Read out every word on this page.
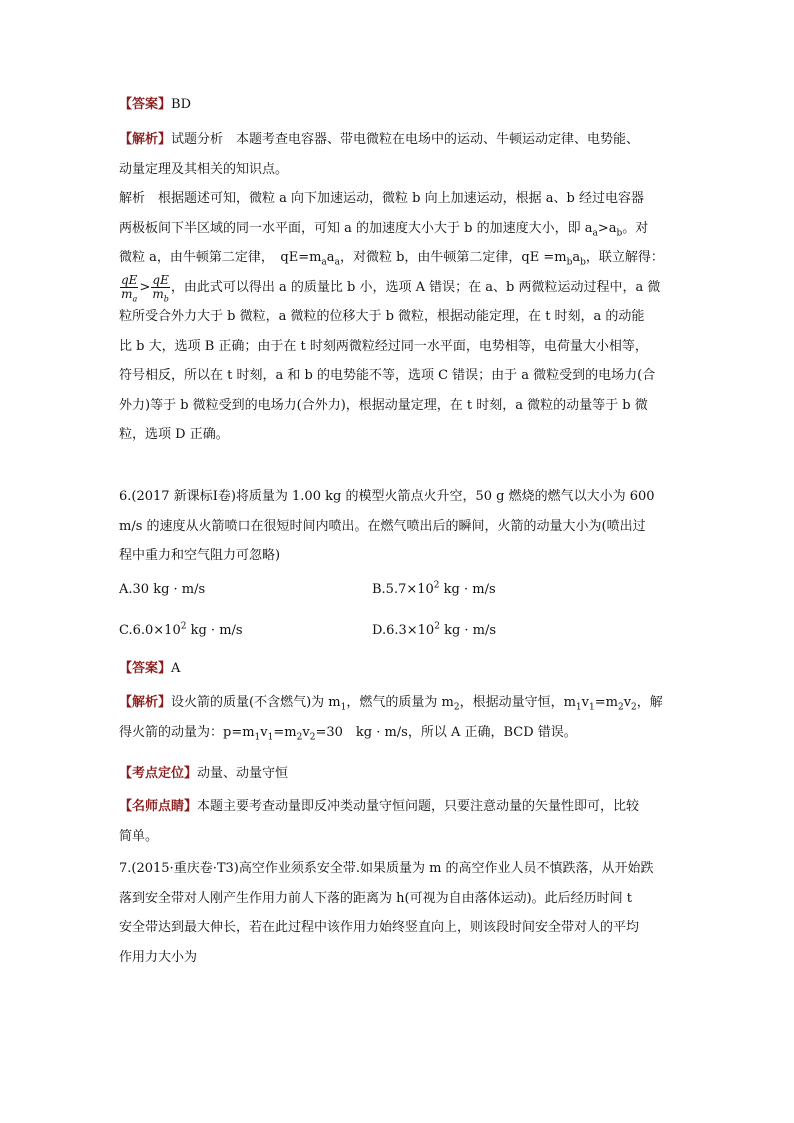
【答案】BD

【解析】试题分析　本题考查电容器、带电微粒在电场中的运动、牛顿运动定律、电势能、

动量定理及其相关的知识点。

解析　根据题述可知，微粒 a 向下加速运动，微粒 b 向上加速运动，根据 a、b 经过电容器

两极板间下半区域的同一水平面，可知 a 的加速度大小大于 b 的加速度大小，即 $a_a>a_b$。对

微粒 a，由牛顿第二定律，　$qE=m_aa_a$，对微粒 b，由牛顿第二定律，qE $=m_ba_b$，联立解得：

$\frac{qE}{m_a} > \frac{qE}{m_b}$ ，由此式可以得出 a 的质量比 b 小，选项 A 错误；在 a、b 两微粒运动过程中，a 微

粒所受合外力大于 b 微粒，a 微粒的位移大于 b 微粒，根据动能定理，在 t 时刻，a 的动能

比 b 大，选项 B 正确；由于在 t 时刻两微粒经过同一水平面，电势相等，电荷量大小相等，

符号相反，所以在 t 时刻，a 和 b 的电势能不等，选项 C 错误；由于 a 微粒受到的电场力(合

外力)等于 b 微粒受到的电场力(合外力)，根据动量定理，在 t 时刻，a 微粒的动量等于 b 微

粒，选项 D 正确。

6.(2017 新课标Ⅰ卷)将质量为 1.00 kg 的模型火箭点火升空，50 g 燃烧的燃气以大小为 600

m/s 的速度从火箭喷口在很短时间内喷出。在燃气喷出后的瞬间，火箭的动量大小为(喷出过

程中重力和空气阻力可忽略)

A.30 kg · m/s	$B.5.7\times 10^2$ kg · m/s
$C.6.0\times 10^2$ kg · m/s	$D.6.3\times 10^2$ kg · m/s

【答案】A

【解析】设火箭的质量(不含燃气)为 $m_1$，燃气的质量为 $m_2$，根据动量守恒，$m_1v_1=m_2v_2$，解

得火箭的动量为：$p=m_1v_1=m_2v_2=30$　kg · m/s，所以 A 正确，BCD 错误。

【考点定位】动量、动量守恒

【名师点睛】本题主要考查动量即反冲类动量守恒问题，只要注意动量的矢量性即可，比较

简单。

7.(2015·重庆卷·T3)高空作业须系安全带.如果质量为 m 的高空作业人员不慎跌落，从开始跌

落到安全带对人刚产生作用力前人下落的距离为 h(可视为自由落体运动)。此后经历时间 t

安全带达到最大伸长，若在此过程中该作用力始终竖直向上，则该段时间安全带对人的平均

作用力大小为
